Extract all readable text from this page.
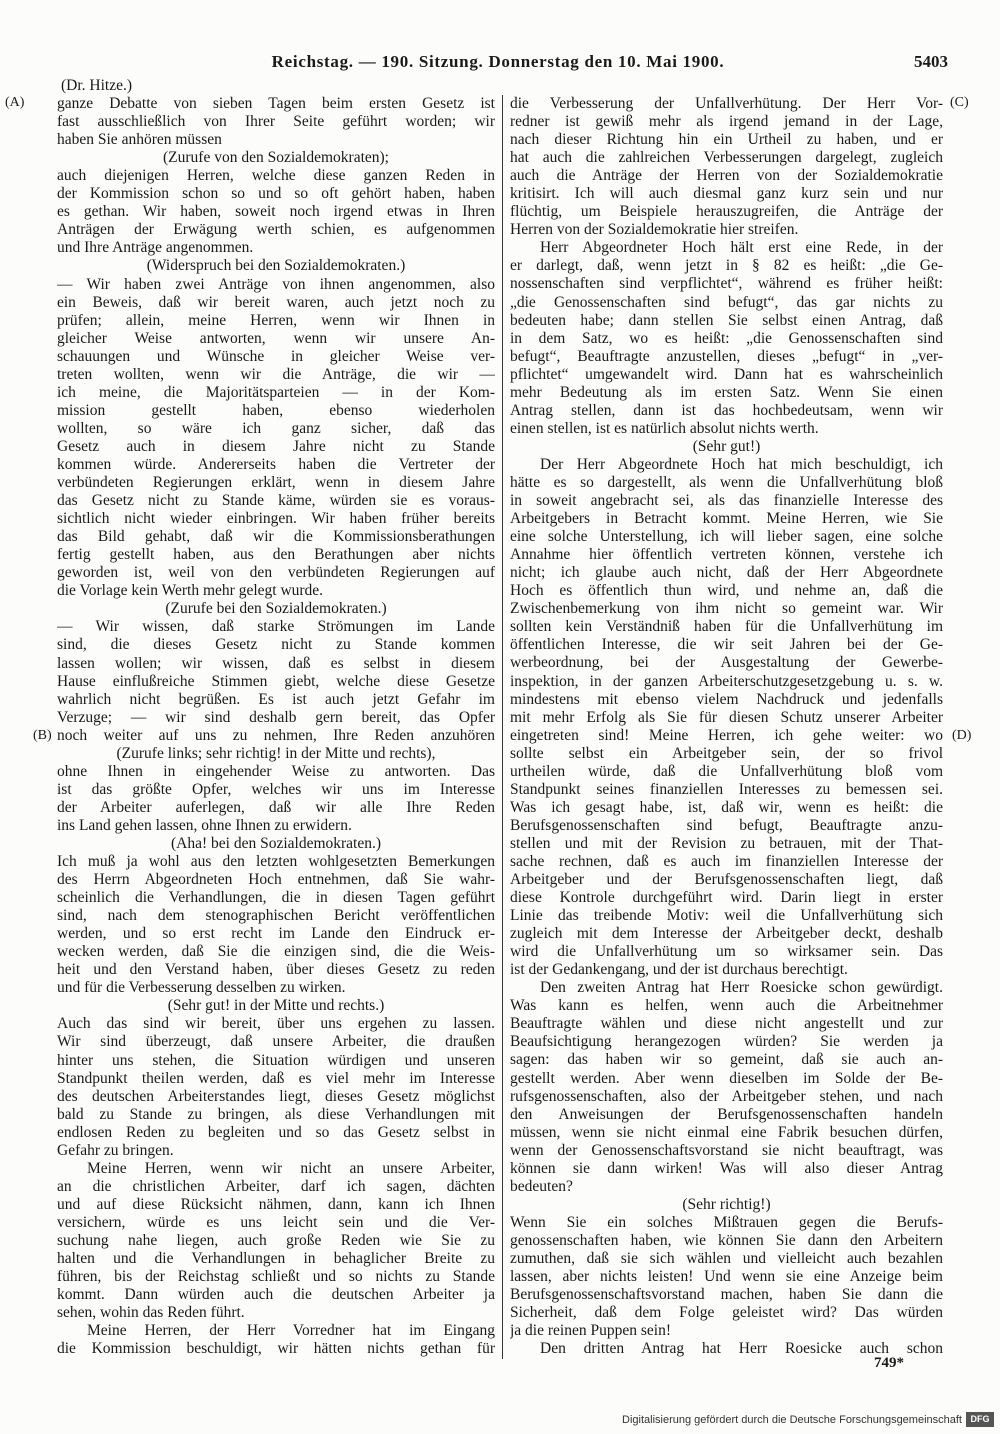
Reichstag. — 190. Sitzung. Donnerstag den 10. Mai 1900.	5403
(A)
(B)
(C)
(D)
(Dr. Hitze.)
ganze Debatte von sieben Tagen beim ersten Gesetz ist
fast ausschließlich von Ihrer Seite geführt worden; wir
haben Sie anhören müssen
(Zurufe von den Sozialdemokraten);
auch diejenigen Herren, welche diese ganzen Reden in
der Kommission schon so und so oft gehört haben, haben
es gethan. Wir haben, soweit noch irgend etwas in Ihren
Anträgen der Erwägung werth schien, es aufgenommen
und Ihre Anträge angenommen.
(Widerspruch bei den Sozialdemokraten.)
— Wir haben zwei Anträge von ihnen angenommen, also
ein Beweis, daß wir bereit waren, auch jetzt noch zu
prüfen; allein, meine Herren, wenn wir Ihnen in
gleicher Weise antworten, wenn wir unsere An-
schauungen und Wünsche in gleicher Weise ver-
treten wollten, wenn wir die Anträge, die wir —
ich meine, die Majoritätsparteien — in der Kom-
mission gestellt haben, ebenso wiederholen
wollten, so wäre ich ganz sicher, daß das
Gesetz auch in diesem Jahre nicht zu Stande
kommen würde. Andererseits haben die Vertreter der
verbündeten Regierungen erklärt, wenn in diesem Jahre
das Gesetz nicht zu Stande käme, würden sie es voraus-
sichtlich nicht wieder einbringen. Wir haben früher bereits
das Bild gehabt, daß wir die Kommissionsberathungen
fertig gestellt haben, aus den Berathungen aber nichts
geworden ist, weil von den verbündeten Regierungen auf
die Vorlage kein Werth mehr gelegt wurde.
(Zurufe bei den Sozialdemokraten.)
— Wir wissen, daß starke Strömungen im Lande
sind, die dieses Gesetz nicht zu Stande kommen
lassen wollen; wir wissen, daß es selbst in diesem
Hause einflußreiche Stimmen giebt, welche diese Gesetze
wahrlich nicht begrüßen. Es ist auch jetzt Gefahr im
Verzuge; — wir sind deshalb gern bereit, das Opfer
noch weiter auf uns zu nehmen, Ihre Reden anzuhören
(Zurufe links; sehr richtig! in der Mitte und rechts),
ohne Ihnen in eingehender Weise zu antworten. Das
ist das größte Opfer, welches wir uns im Interesse
der Arbeiter auferlegen, daß wir alle Ihre Reden
ins Land gehen lassen, ohne Ihnen zu erwidern.
(Aha! bei den Sozialdemokraten.)
Ich muß ja wohl aus den letzten wohlgesetzten Bemerkungen
des Herrn Abgeordneten Hoch entnehmen, daß Sie wahr-
scheinlich die Verhandlungen, die in diesen Tagen geführt
sind, nach dem stenographischen Bericht veröffentlichen
werden, und so erst recht im Lande den Eindruck er-
wecken werden, daß Sie die einzigen sind, die die Weis-
heit und den Verstand haben, über dieses Gesetz zu reden
und für die Verbesserung desselben zu wirken.
(Sehr gut! in der Mitte und rechts.)
Auch das sind wir bereit, über uns ergehen zu lassen.
Wir sind überzeugt, daß unsere Arbeiter, die draußen
hinter uns stehen, die Situation würdigen und unseren
Standpunkt theilen werden, daß es viel mehr im Interesse
des deutschen Arbeiterstandes liegt, dieses Gesetz möglichst
bald zu Stande zu bringen, als diese Verhandlungen mit
endlosen Reden zu begleiten und so das Gesetz selbst in
Gefahr zu bringen.
Meine Herren, wenn wir nicht an unsere Arbeiter,
an die christlichen Arbeiter, darf ich sagen, dächten
und auf diese Rücksicht nähmen, dann, kann ich Ihnen
versichern, würde es uns leicht sein und die Ver-
suchung nahe liegen, auch große Reden wie Sie zu
halten und die Verhandlungen in behaglicher Breite zu
führen, bis der Reichstag schließt und so nichts zu Stande
kommt. Dann würden auch die deutschen Arbeiter ja
sehen, wohin das Reden führt.
Meine Herren, der Herr Vorredner hat im Eingang
die Kommission beschuldigt, wir hätten nichts gethan für
die Verbesserung der Unfallverhütung. Der Herr Vor-
redner ist gewiß mehr als irgend jemand in der Lage,
nach dieser Richtung hin ein Urtheil zu haben, und er
hat auch die zahlreichen Verbesserungen dargelegt, zugleich
auch die Anträge der Herren von der Sozialdemokratie
kritisirt. Ich will auch diesmal ganz kurz sein und nur
flüchtig, um Beispiele herauszugreifen, die Anträge der
Herren von der Sozialdemokratie hier streifen.
Herr Abgeordneter Hoch hält erst eine Rede, in der
er darlegt, daß, wenn jetzt in § 82 es heißt: „die Ge-
nossenschaften sind verpflichtet“, während es früher heißt:
„die Genossenschaften sind befugt“, das gar nichts zu
bedeuten habe; dann stellen Sie selbst einen Antrag, daß
in dem Satz, wo es heißt: „die Genossenschaften sind
befugt“, Beauftragte anzustellen, dieses „befugt“ in „ver-
pflichtet“ umgewandelt wird. Dann hat es wahrscheinlich
mehr Bedeutung als im ersten Satz. Wenn Sie einen
Antrag stellen, dann ist das hochbedeutsam, wenn wir
einen stellen, ist es natürlich absolut nichts werth.
(Sehr gut!)
Der Herr Abgeordnete Hoch hat mich beschuldigt, ich
hätte es so dargestellt, als wenn die Unfallverhütung bloß
in soweit angebracht sei, als das finanzielle Interesse des
Arbeitgebers in Betracht kommt. Meine Herren, wie Sie
eine solche Unterstellung, ich will lieber sagen, eine solche
Annahme hier öffentlich vertreten können, verstehe ich
nicht; ich glaube auch nicht, daß der Herr Abgeordnete
Hoch es öffentlich thun wird, und nehme an, daß die
Zwischenbemerkung von ihm nicht so gemeint war. Wir
sollten kein Verständniß haben für die Unfallverhütung im
öffentlichen Interesse, die wir seit Jahren bei der Ge-
werbeordnung, bei der Ausgestaltung der Gewerbe-
inspektion, in der ganzen Arbeiterschutzgesetzgebung u. s. w.
mindestens mit ebenso vielem Nachdruck und jedenfalls
mit mehr Erfolg als Sie für diesen Schutz unserer Arbeiter
eingetreten sind! Meine Herren, ich gehe weiter: wo
sollte selbst ein Arbeitgeber sein, der so frivol
urtheilen würde, daß die Unfallverhütung bloß vom
Standpunkt seines finanziellen Interesses zu bemessen sei.
Was ich gesagt habe, ist, daß wir, wenn es heißt: die
Berufsgenossenschaften sind befugt, Beauftragte anzu-
stellen und mit der Revision zu betrauen, mit der That-
sache rechnen, daß es auch im finanziellen Interesse der
Arbeitgeber und der Berufsgenossenschaften liegt, daß
diese Kontrole durchgeführt wird. Darin liegt in erster
Linie das treibende Motiv: weil die Unfallverhütung sich
zugleich mit dem Interesse der Arbeitgeber deckt, deshalb
wird die Unfallverhütung um so wirksamer sein. Das
ist der Gedankengang, und der ist durchaus berechtigt.
Den zweiten Antrag hat Herr Roesicke schon gewürdigt.
Was kann es helfen, wenn auch die Arbeitnehmer
Beauftragte wählen und diese nicht angestellt und zur
Beaufsichtigung herangezogen würden? Sie werden ja
sagen: das haben wir so gemeint, daß sie auch an-
gestellt werden. Aber wenn dieselben im Solde der Be-
rufsgenossenschaften, also der Arbeitgeber stehen, und nach
den Anweisungen der Berufsgenossenschaften handeln
müssen, wenn sie nicht einmal eine Fabrik besuchen dürfen,
wenn der Genossenschaftsvorstand sie nicht beauftragt, was
können sie dann wirken! Was will also dieser Antrag
bedeuten?
(Sehr richtig!)
Wenn Sie ein solches Mißtrauen gegen die Berufs-
genossenschaften haben, wie können Sie dann den Arbeitern
zumuthen, daß sie sich wählen und vielleicht auch bezahlen
lassen, aber nichts leisten! Und wenn sie eine Anzeige beim
Berufsgenossenschaftsvorstand machen, haben Sie dann die
Sicherheit, daß dem Folge geleistet wird? Das würden
ja die reinen Puppen sein!
Den dritten Antrag hat Herr Roesicke auch schon
749*
Digitalisierung gefördert durch die Deutsche Forschungsgemeinschaft DFG
